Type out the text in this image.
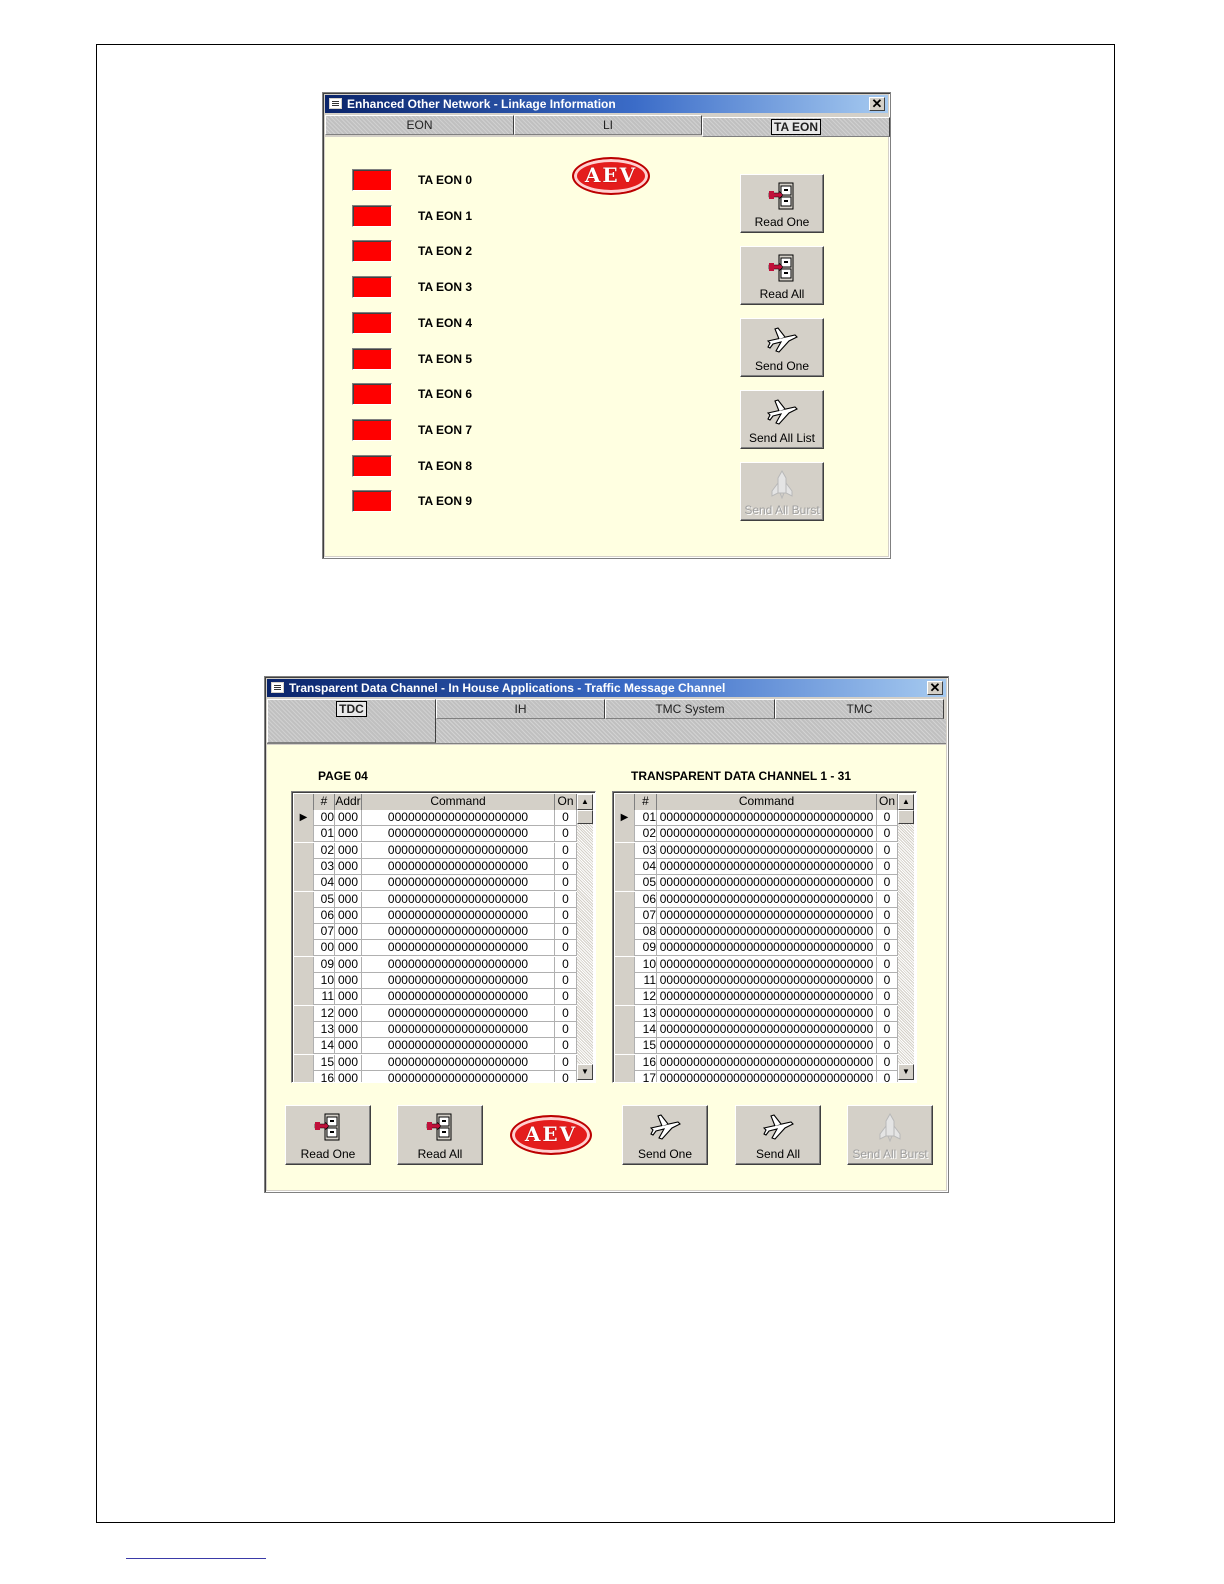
Enhanced Other Network - Linkage Information	✕
EON	LI	TA EON
AEV
TA EON 0
TA EON 1
TA EON 2
TA EON 3
TA EON 4
TA EON 5
TA EON 6
TA EON 7
TA EON 8
TA EON 9
Read One
Read All
Send One
Send All List
Send All Burst
Transparent Data Channel - In House Applications - Traffic Message Channel	✕
TDC	IH	TMC System	TMC
PAGE 04	TRANSPARENT DATA CHANNEL 1 - 31
▲
▼
# Addr	Command	On
▶	00 000	000000000000000000000	0
01 000	000000000000000000000	0
02 000	000000000000000000000	0
03 000	000000000000000000000	0
04 000	000000000000000000000	0
05 000	000000000000000000000	0
06 000	000000000000000000000	0
07 000	000000000000000000000	0
00 000	000000000000000000000	0
09 000	000000000000000000000	0
10 000	000000000000000000000	0
11 000	000000000000000000000	0
12 000	000000000000000000000	0
13 000	000000000000000000000	0
14 000	000000000000000000000	0
15 000	000000000000000000000	0
16 000	000000000000000000000	0
▲
▼
#	Command	On
▶	01 00000000000000000000000000000000 0
02 00000000000000000000000000000000 0
03 00000000000000000000000000000000 0
04 00000000000000000000000000000000 0
05 00000000000000000000000000000000 0
06 00000000000000000000000000000000 0
07 00000000000000000000000000000000 0
08 00000000000000000000000000000000 0
09 00000000000000000000000000000000 0
10 00000000000000000000000000000000 0
11 00000000000000000000000000000000 0
12 00000000000000000000000000000000 0
13 00000000000000000000000000000000 0
14 00000000000000000000000000000000 0
15 00000000000000000000000000000000 0
16 00000000000000000000000000000000 0
17 00000000000000000000000000000000 0
AEV
Read One	Read All	Send One	Send All	Send All Burst
